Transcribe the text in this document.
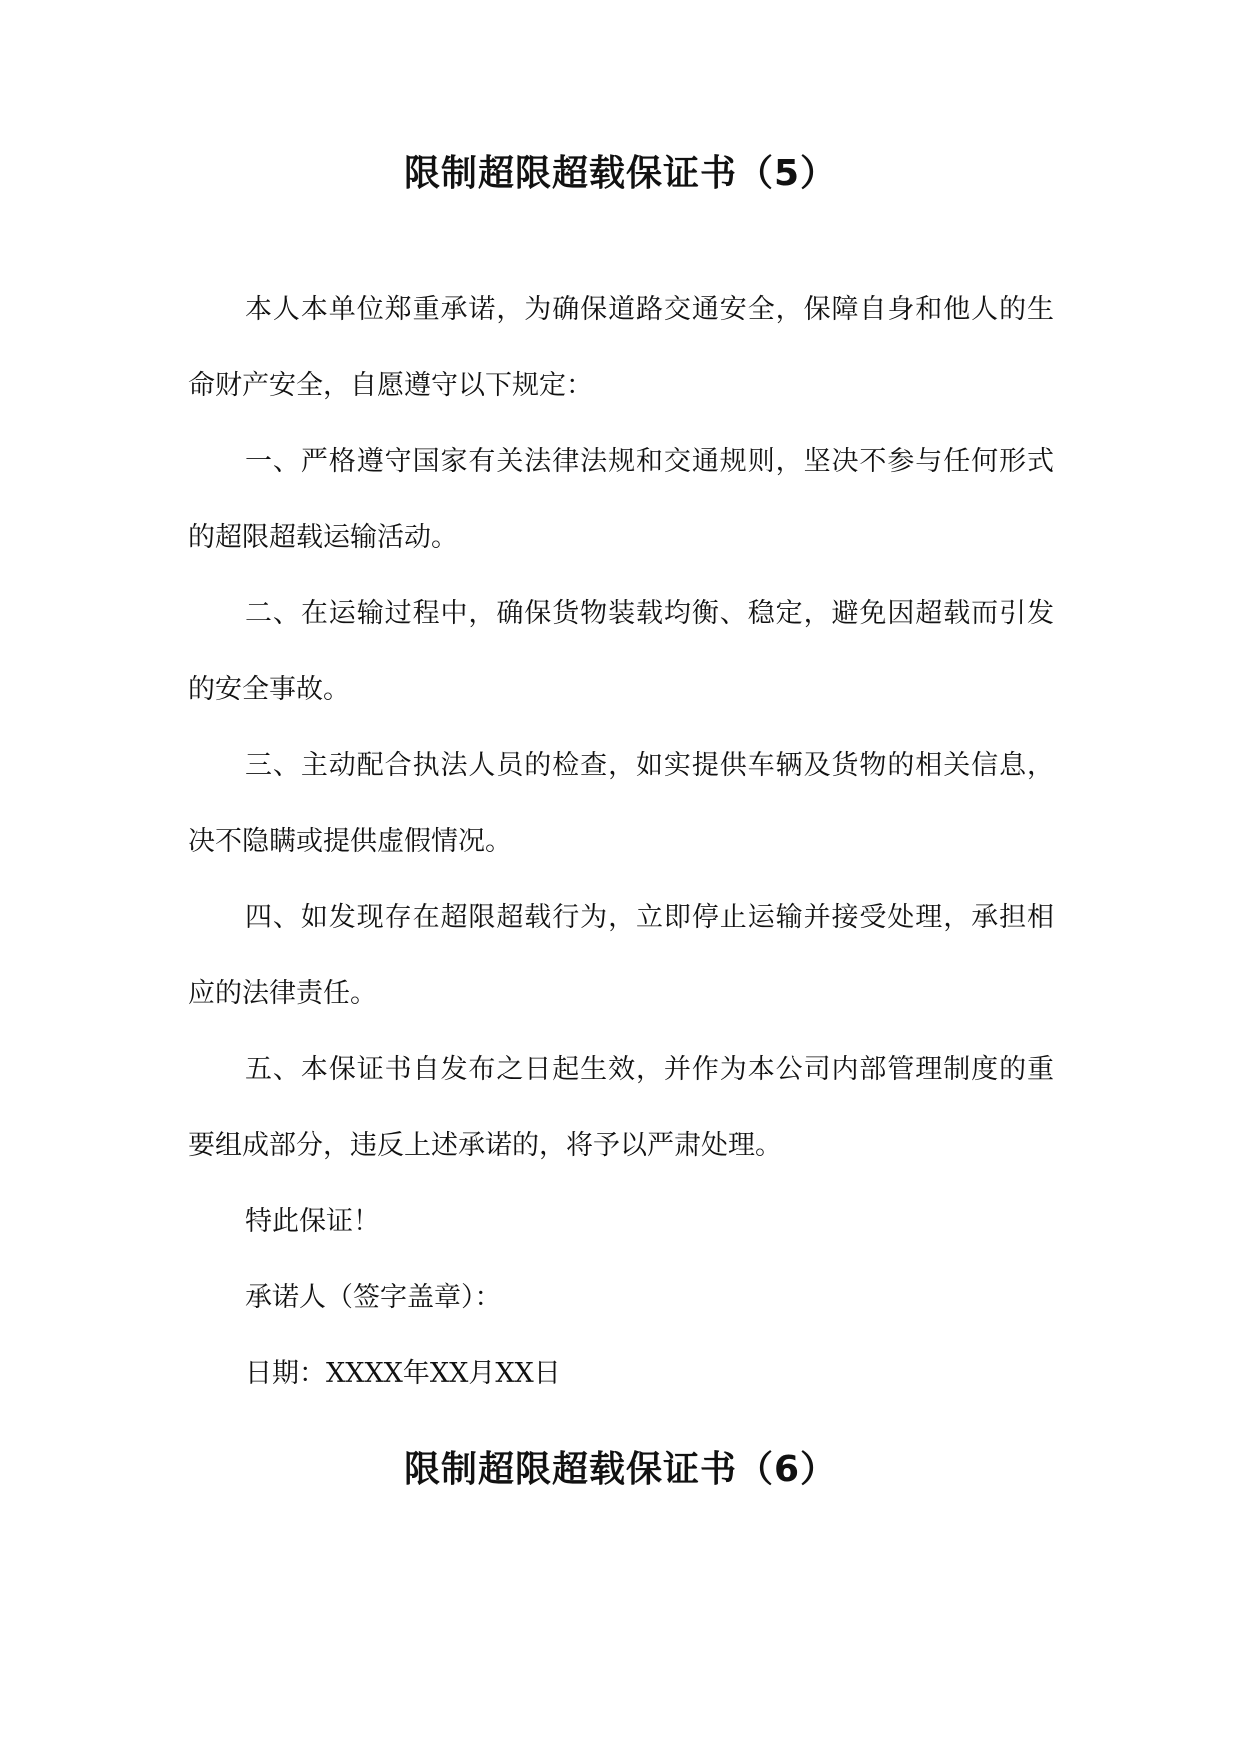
限制超限超载保证书（5）

本人本单位郑重承诺，为确保道路交通安全，保障自身和他人的生命财产安全，自愿遵守以下规定：

一、严格遵守国家有关法律法规和交通规则，坚决不参与任何形式的超限超载运输活动。

二、在运输过程中，确保货物装载均衡、稳定，避免因超载而引发的安全事故。

三、主动配合执法人员的检查，如实提供车辆及货物的相关信息，决不隐瞒或提供虚假情况。

四、如发现存在超限超载行为，立即停止运输并接受处理，承担相应的法律责任。

五、本保证书自发布之日起生效，并作为本公司内部管理制度的重要组成部分，违反上述承诺的，将予以严肃处理。

特此保证！

承诺人（签字盖章）：

日期：XXXX年XX月XX日

限制超限超载保证书（6）
